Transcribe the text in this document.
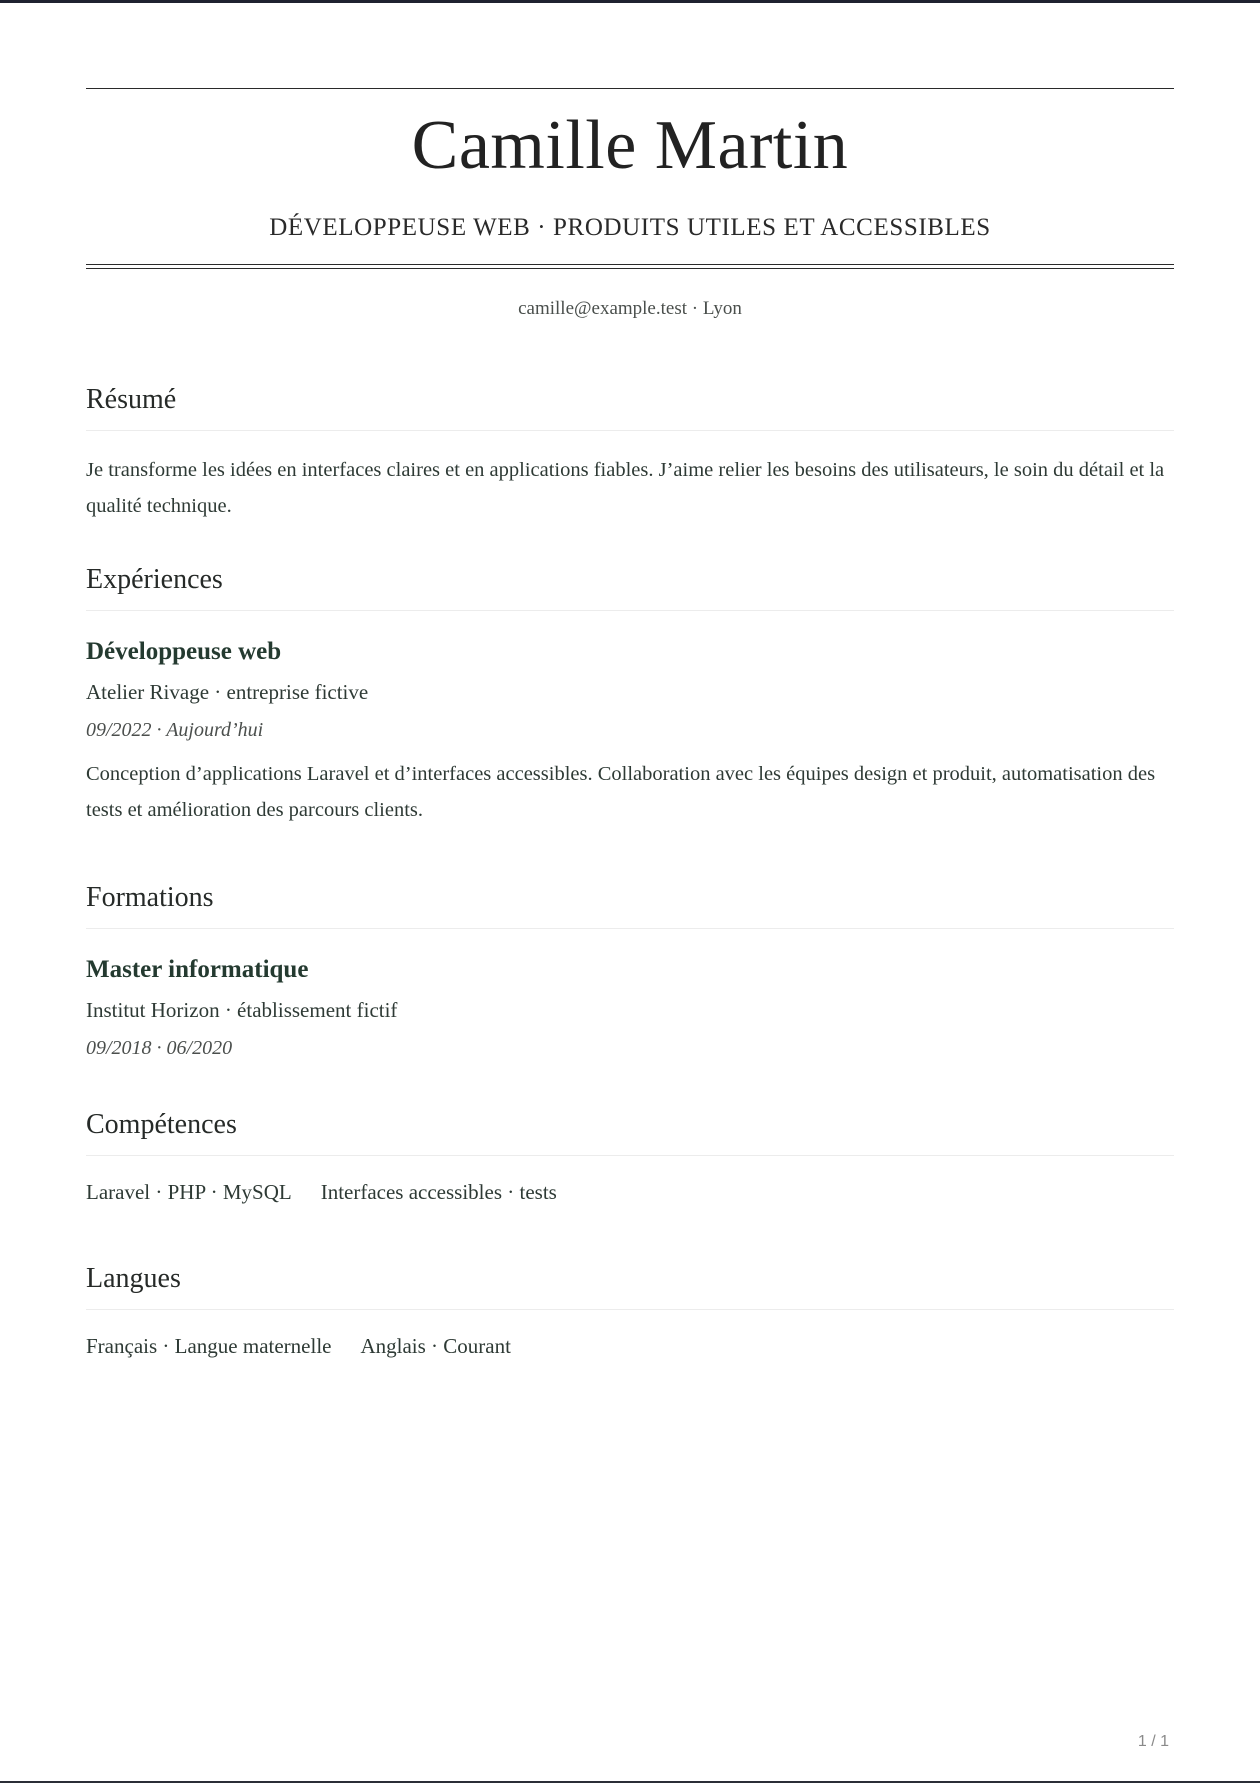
Camille Martin
DÉVELOPPEUSE WEB · PRODUITS UTILES ET ACCESSIBLES
camille@example.test · Lyon
Résumé

Je transforme les idées en interfaces claires et en applications fiables. J’aime relier les besoins des utilisateurs, le soin du détail et la qualité technique.

Expériences
Développeuse web
Atelier Rivage · entreprise fictive
09/2022 · Aujourd’hui

Conception d’applications Laravel et d’interfaces accessibles. Collaboration avec les équipes design et produit, automatisation des tests et amélioration des parcours clients.

Formations
Master informatique
Institut Horizon · établissement fictif
09/2018 · 06/2020
Compétences
Laravel · PHP · MySQL Interfaces accessibles · tests
Langues
Français · Langue maternelle Anglais · Courant
1 / 1
